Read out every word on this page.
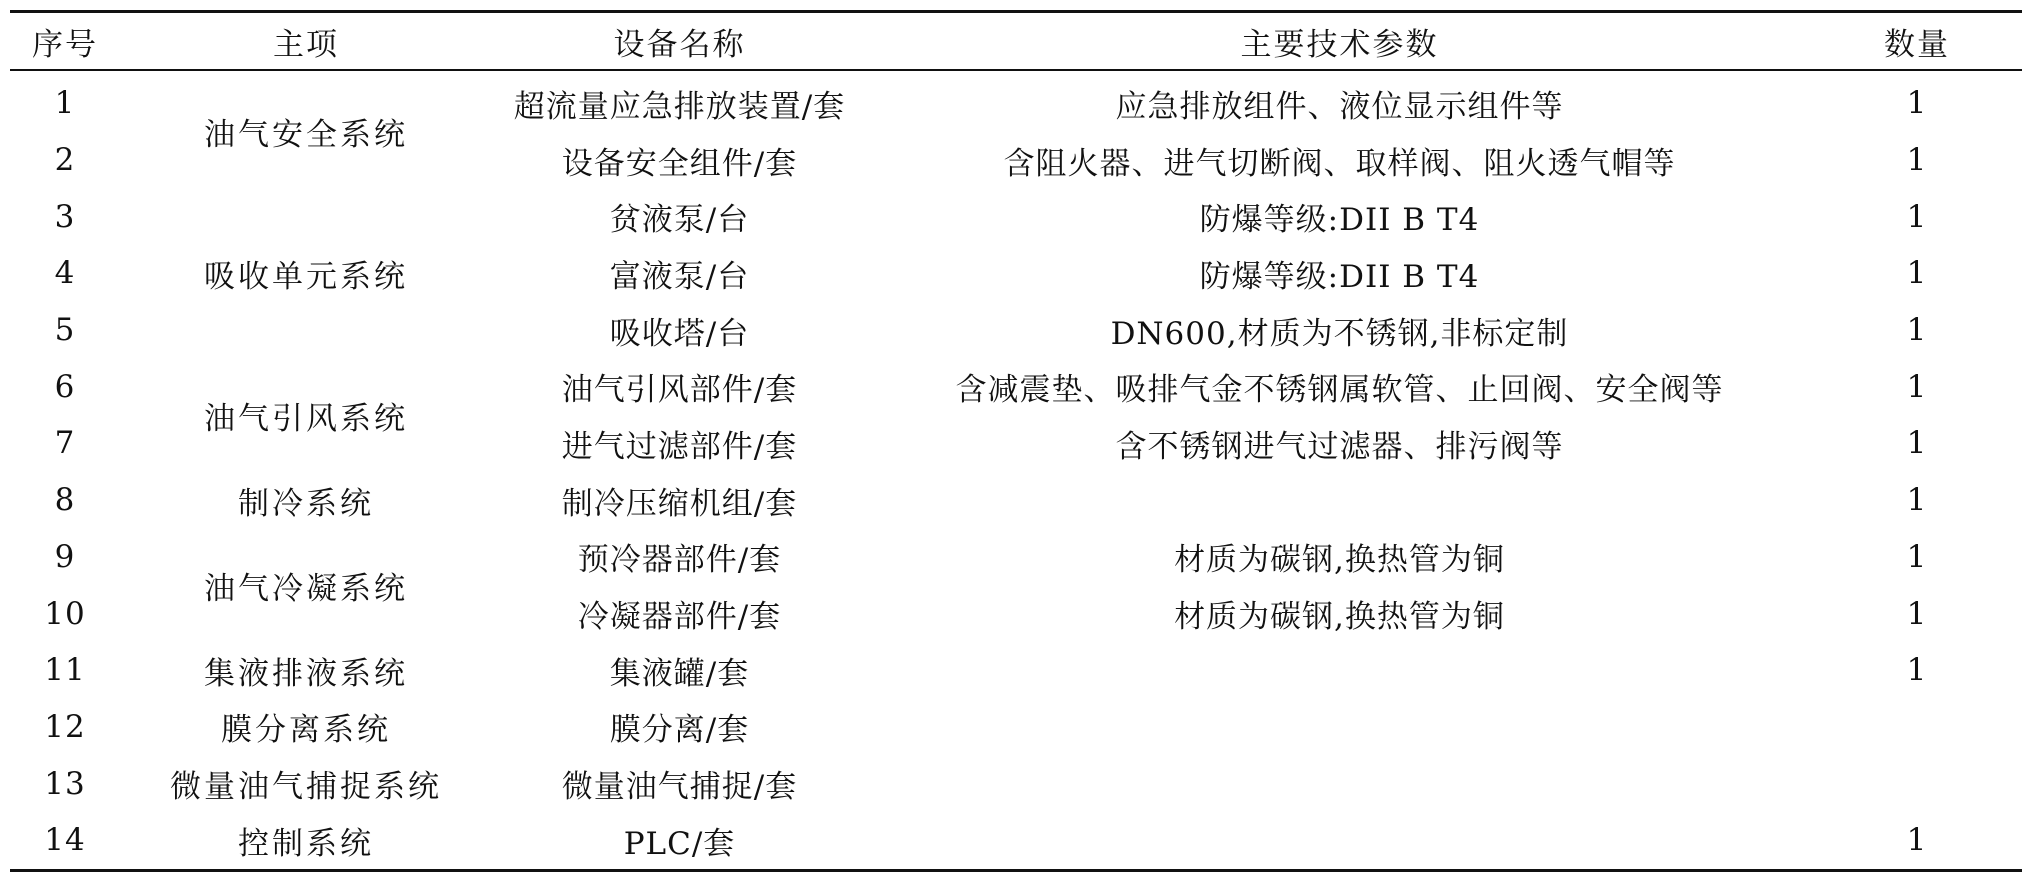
序号	主项	设备名称	主要技术参数	数量
1	油气安全系统	超流量应急排放装置/套	应急排放组件、液位显示组件等	1
2		设备安全组件/套	含阻火器、进气切断阀、取样阀、阻火透气帽等	1
3	吸收单元系统	贫液泵/台	防爆等级:DII B T4	1
4		富液泵/台	防爆等级:DII B T4	1
5		吸收塔/台	DN600,材质为不锈钢,非标定制	1
6	油气引风系统	油气引风部件/套	含减震垫、吸排气金不锈钢属软管、止回阀、安全阀等	1
7		进气过滤部件/套	含不锈钢进气过滤器、排污阀等	1
8	制冷系统	制冷压缩机组/套		1
9	油气冷凝系统	预冷器部件/套	材质为碳钢,换热管为铜	1
10		冷凝器部件/套	材质为碳钢,换热管为铜	1
11	集液排液系统	集液罐/套		1
12	膜分离系统	膜分离/套		
13	微量油气捕捉系统	微量油气捕捉/套		
14	控制系统	PLC/套		1
